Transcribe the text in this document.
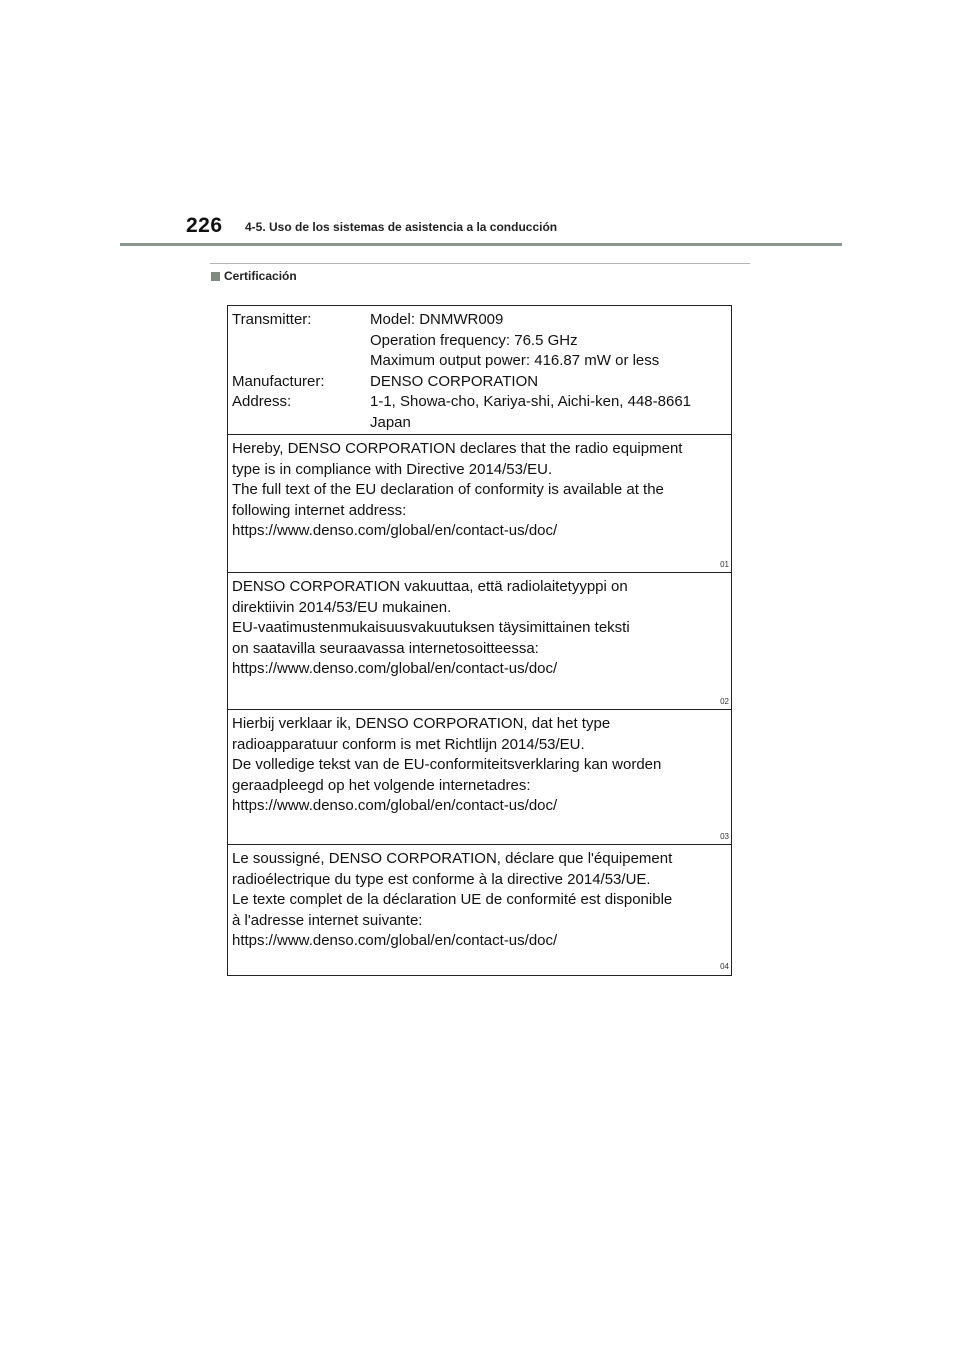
226 4-5. Uso de los sistemas de asistencia a la conducción
Certificación
Transmitter:	Model: DNMWR009
Operation frequency: 76.5 GHz
Maximum output power: 416.87 mW or less
Manufacturer:	DENSO CORPORATION
Address:	1-1, Showa-cho, Kariya-shi, Aichi-ken, 448-8661
Japan
Hereby, DENSO CORPORATION declares that the radio equipment
type is in compliance with Directive 2014/53/EU.
The full text of the EU declaration of conformity is available at the
following internet address:
https://www.denso.com/global/en/contact-us/doc/
01
DENSO CORPORATION vakuuttaa, että radiolaitetyyppi on
direktiivin 2014/53/EU mukainen.
EU-vaatimustenmukaisuusvakuutuksen täysimittainen teksti
on saatavilla seuraavassa internetosoitteessa:
https://www.denso.com/global/en/contact-us/doc/
02
Hierbij verklaar ik, DENSO CORPORATION, dat het type
radioapparatuur conform is met Richtlijn 2014/53/EU.
De volledige tekst van de EU-conformiteitsverklaring kan worden
geraadpleegd op het volgende internetadres:
https://www.denso.com/global/en/contact-us/doc/
03
Le soussigné, DENSO CORPORATION, déclare que l'équipement
radioélectrique du type est conforme à la directive 2014/53/UE.
Le texte complet de la déclaration UE de conformité est disponible
à l'adresse internet suivante:
https://www.denso.com/global/en/contact-us/doc/
04
